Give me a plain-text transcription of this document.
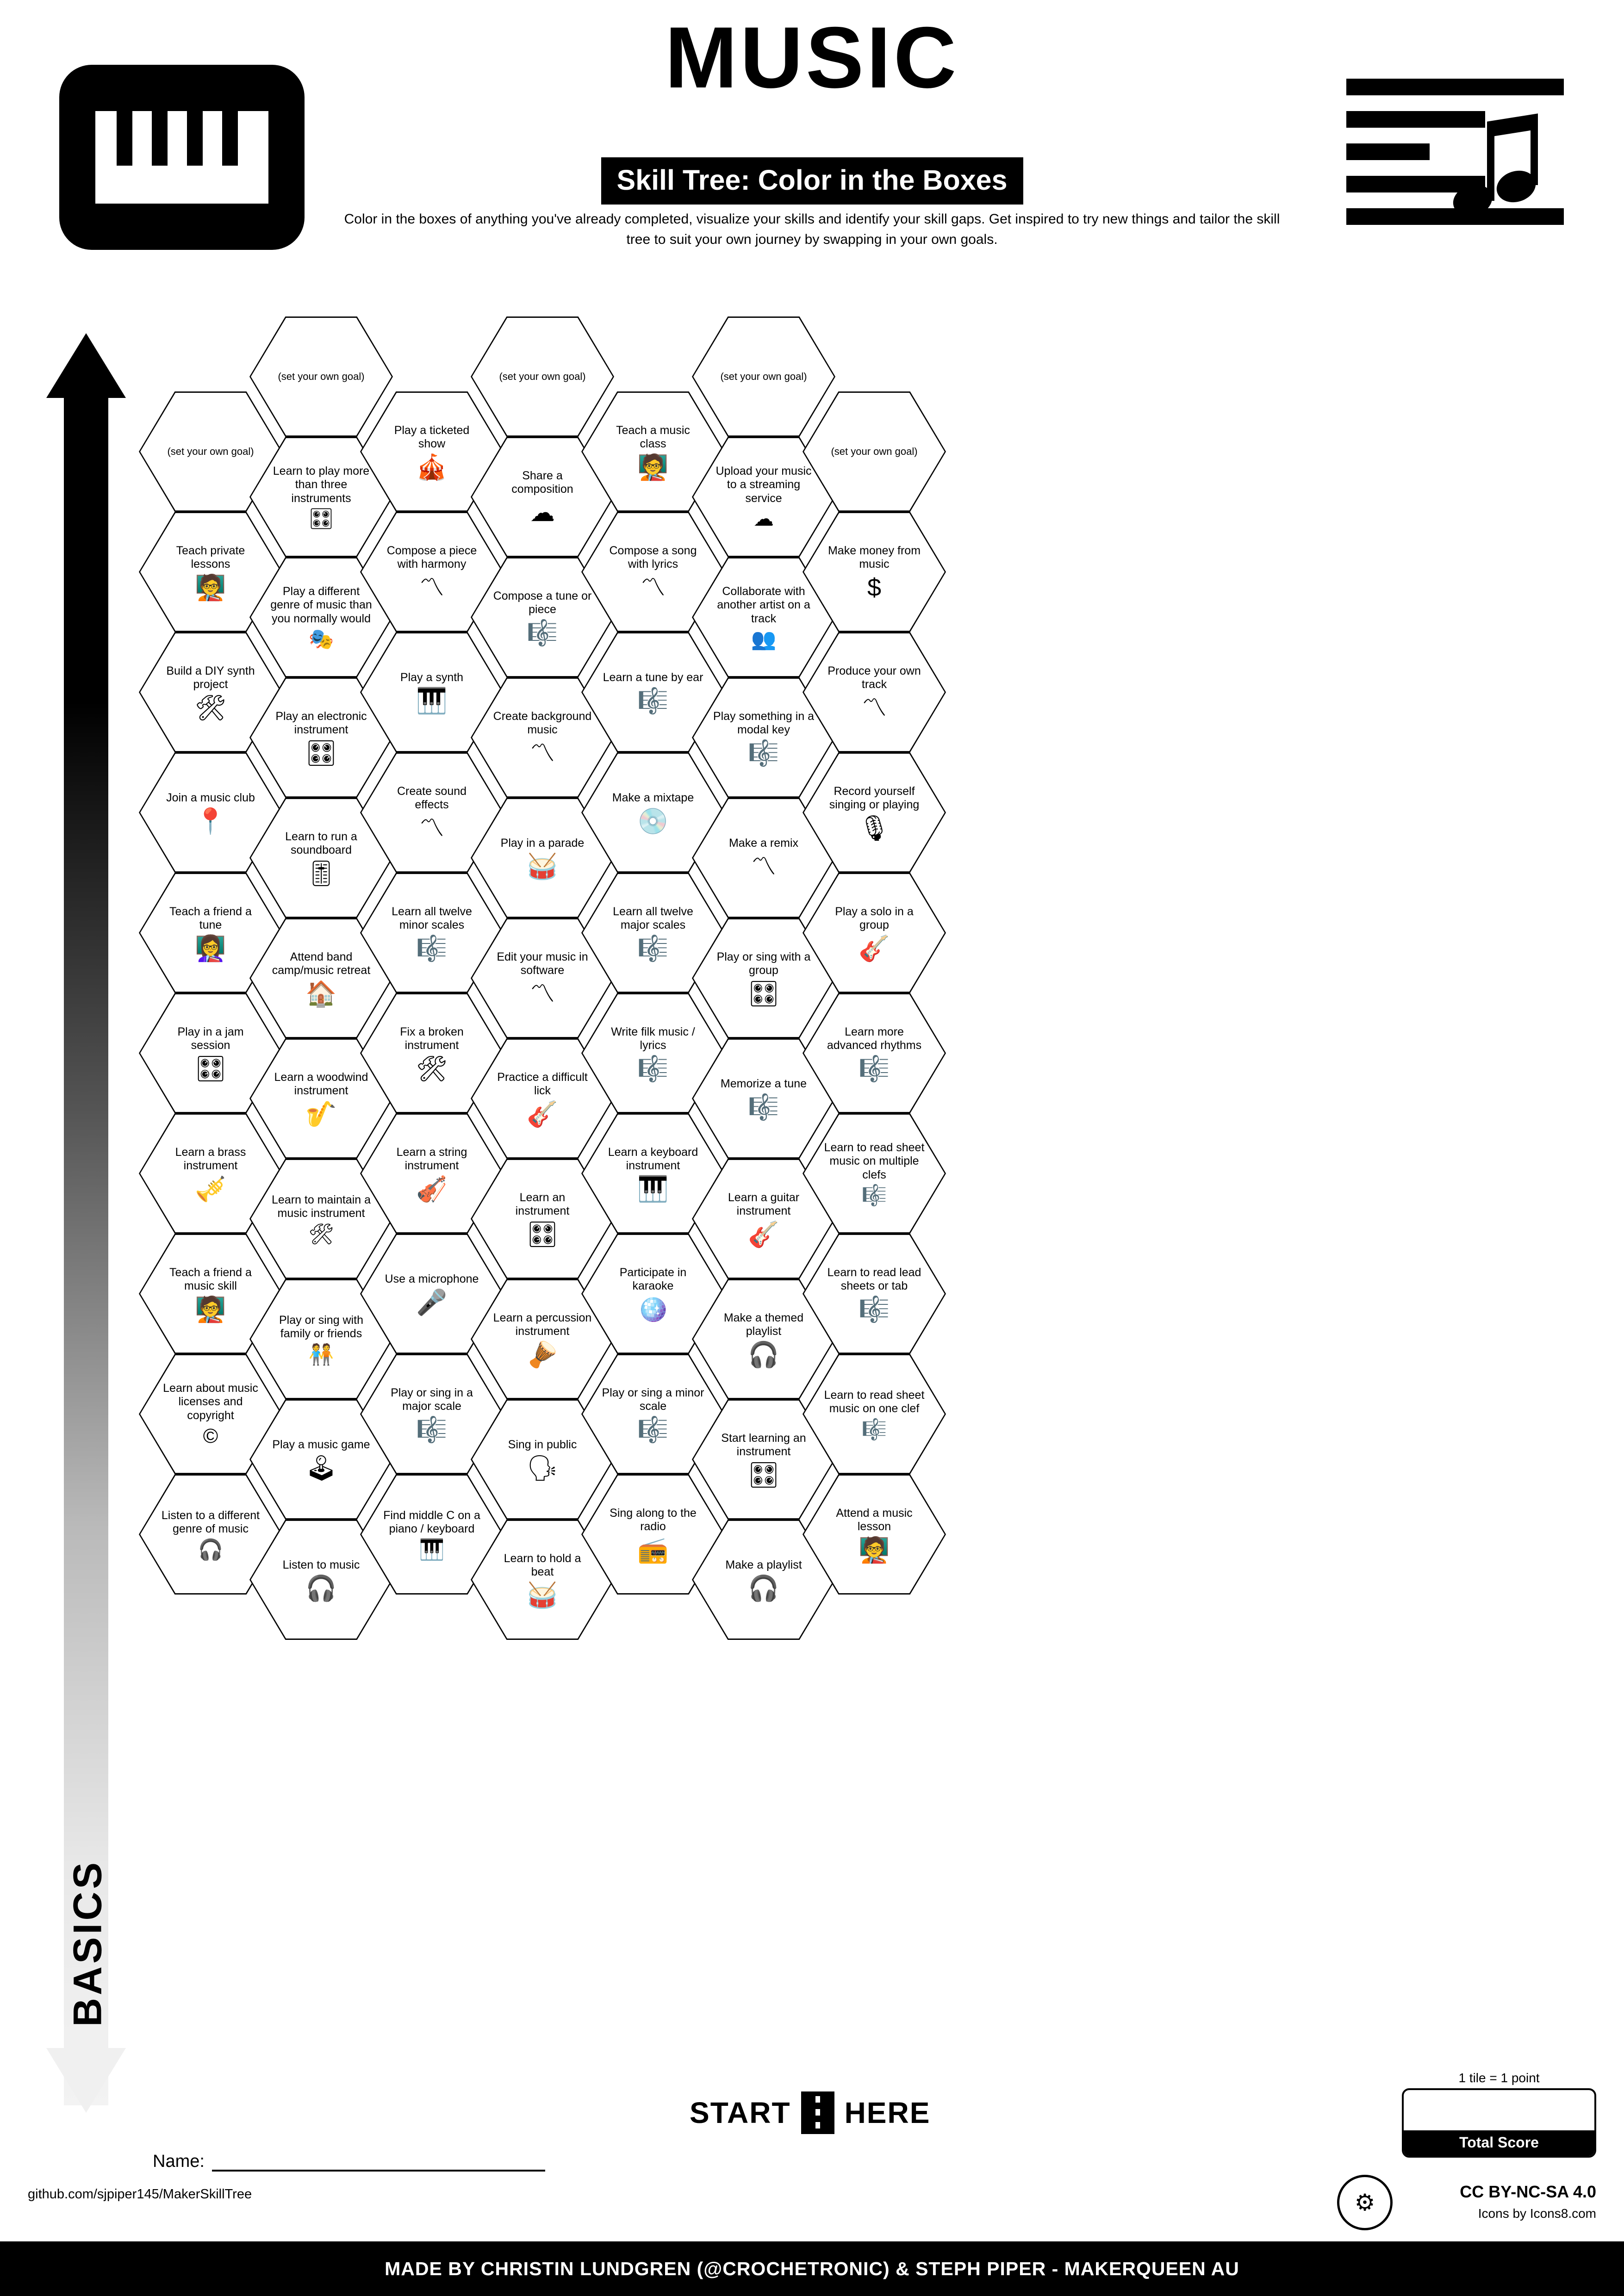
MUSIC
Skill Tree: Color in the Boxes
Color in the boxes of anything you've already completed, visualize your skills and identify your skill gaps. Get inspired to try new things and tailor the skill tree to suit your own journey by swapping in your own goals.
ADVANCED
BASICS
(set your own goal)
Teach private lessons
🧑‍🏫
Build a DIY synth project
🛠
Join a music club
📍
Teach a friend a tune
👩‍🏫
Play in a jam session
🎛
Learn a brass instrument
🎺
Teach a friend a music skill
🧑‍🏫
Learn about music licenses and copyright
©
Listen to a different genre of music
🎧
(set your own goal)
Learn to play more than three instruments
🎛
Play a different genre of music than you normally would
🎭
Play an electronic instrument
🎛
Learn to run a soundboard
🎚
Attend band camp/music retreat
🏠
Learn a woodwind instrument
🎷
Learn to maintain a music instrument
🛠
Play or sing with family or friends
🧑‍🤝‍🧑
Play a music game
🕹
Listen to music
🎧
Play a ticketed show
🎪
Compose a piece with harmony
〽
Play a synth
🎹
Create sound effects
〽
Learn all twelve minor scales
🎼
Fix a broken instrument
🛠
Learn a string instrument
🎻
Use a microphone
🎤
Play or sing in a major scale
🎼
Find middle C on a piano / keyboard
🎹
(set your own goal)
Share a composition
☁
Compose a tune or piece
🎼
Create background music
〽
Play in a parade
🥁
Edit your music in software
〽
Practice a difficult lick
🎸
Learn an instrument
🎛
Learn a percussion instrument
🪘
Sing in public
🗣
Learn to hold a beat
🥁
Teach a music class
🧑‍🏫
Compose a song with lyrics
〽
Learn a tune by ear
🎼
Make a mixtape
💿
Learn all twelve major scales
🎼
Write filk music / lyrics
🎼
Learn a keyboard instrument
🎹
Participate in karaoke
🪩
Play or sing a minor scale
🎼
Sing along to the radio
📻
(set your own goal)
Upload your music to a streaming service
☁
Collaborate with another artist on a track
👥
Play something in a modal key
🎼
Make a remix
〽
Play or sing with a group
🎛
Memorize a tune
🎼
Learn a guitar instrument
🎸
Make a themed playlist
🎧
Start learning an instrument
🎛
Make a playlist
🎧
(set your own goal)
Make money from music
$
Produce your own track
〽
Record yourself singing or playing
🎙
Play a solo in a group
🎸
Learn more advanced rhythms
🎼
Learn to read sheet music on multiple clefs
🎼
Learn to read lead sheets or tab
🎼
Learn to read sheet music on one clef
🎼
Attend a music lesson
🧑‍🏫
START HERE
Name:
github.com/sjpiper145/MakerSkillTree
1 tile = 1 point
Total Score
⚙	CC BY-NC-SA 4.0
Icons by Icons8.com
MADE BY CHRISTIN LUNDGREN (@CROCHETRONIC) & STEPH PIPER - MAKERQUEEN AU
